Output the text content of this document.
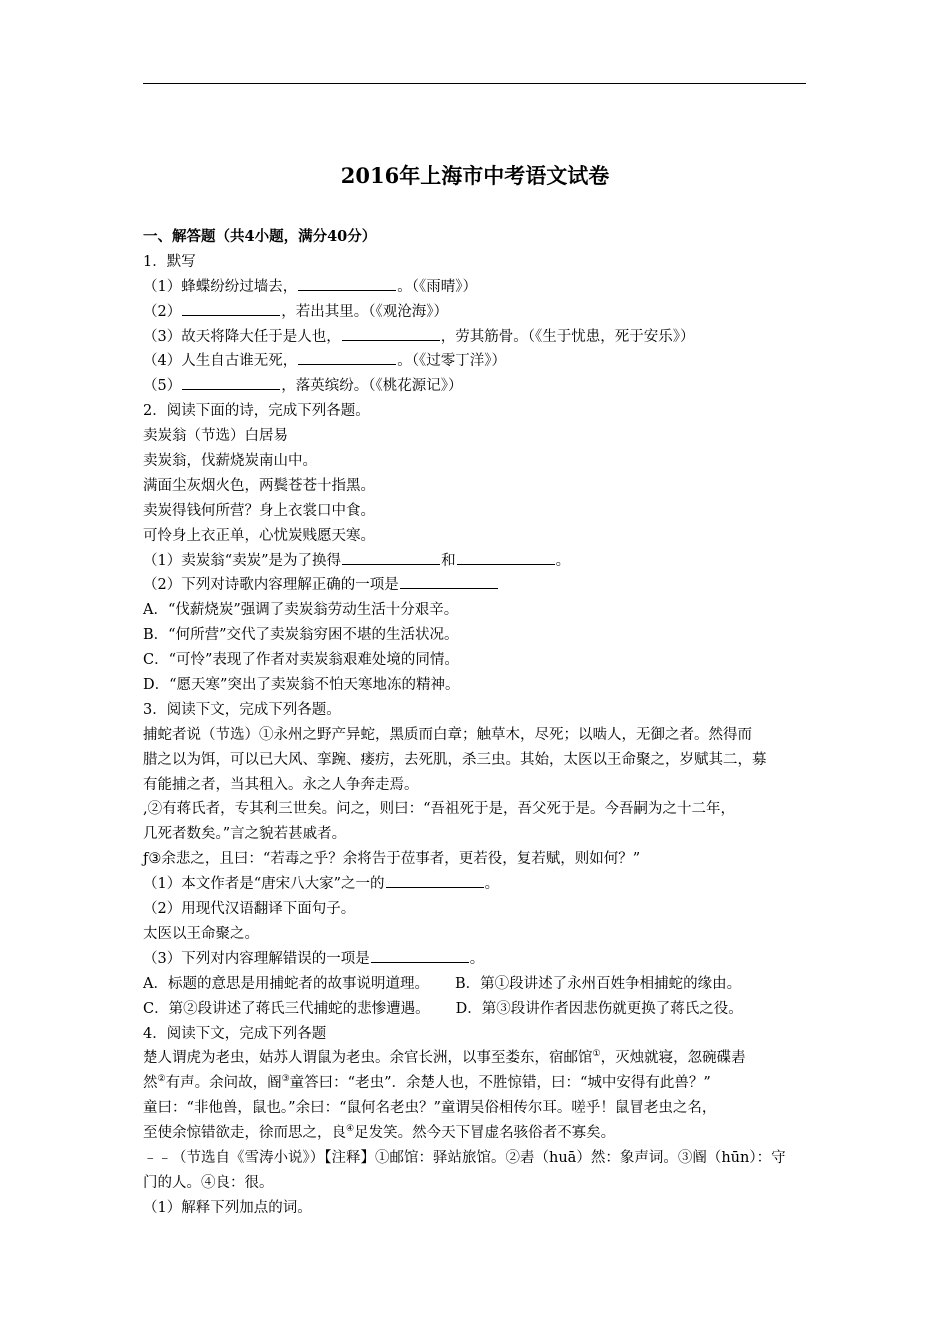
2016年上海市中考语文试卷
一、解答题（共4小题，满分40分）
1．默写
（1）蜂蝶纷纷过墙去，	。（《雨晴》）
（2）	，若出其里。（《观沧海》）
（3）故天将降大任于是人也，	，劳其筋骨。（《生于忧患，死于安乐》）
（4）人生自古谁无死，	。（《过零丁洋》）
（5）	，落英缤纷。（《桃花源记》）
2．阅读下面的诗，完成下列各题。
卖炭翁（节选）白居易
卖炭翁，伐薪烧炭南山中。
满面尘灰烟火色，两鬓苍苍十指黑。
卖炭得钱何所营？身上衣裳口中食。
可怜身上衣正单，心忧炭贱愿天寒。
（1）卖炭翁“卖炭”是为了换得	和	。
（2）下列对诗歌内容理解正确的一项是
A．“伐薪烧炭”强调了卖炭翁劳动生活十分艰辛。
B．“何所营”交代了卖炭翁穷困不堪的生活状况。
C．“可怜”表现了作者对卖炭翁艰难处境的同情。
D．“愿天寒”突出了卖炭翁不怕天寒地冻的精神。
3．阅读下文，完成下列各题。
捕蛇者说（节选）①永州之野产异蛇，黑质而白章；触草木，尽死；以啮人，无御之者。然得而
腊之以为饵，可以已大风、挛踠、瘘疠，去死肌，杀三虫。其始，太医以王命聚之，岁赋其二，募
有能捕之者，当其租入。永之人争奔走焉。
,②有蒋氏者，专其利三世矣。问之，则曰：“吾祖死于是，吾父死于是。今吾嗣为之十二年，
几死者数矣。”言之貌若甚戚者。
ƒ③余悲之，且曰：“若毒之乎？余将告于莅事者，更若役，复若赋，则如何？”
（1）本文作者是“唐宋八大家”之一的	。
（2）用现代汉语翻译下面句子。
太医以王命聚之。
（3）下列对内容理解错误的一项是	。
A．标题的意思是用捕蛇者的故事说明道理。 B．第①段讲述了永州百姓争相捕蛇的缘由。
C．第②段讲述了蒋氏三代捕蛇的悲惨遭遇。 D．第③段讲作者因悲伤就更换了蒋氏之役。
4．阅读下文，完成下列各题
楚人谓虎为老虫，姑苏人谓鼠为老虫。余官长洲，以事至娄东，宿邮馆①，灭烛就寝，忽碗碟砉
然②有声。余问故，阍③童答曰：“老虫”．余楚人也，不胜惊错，曰：“城中安得有此兽？”
童曰：“非他兽，鼠也。”余曰：“鼠何名老虫？”童谓吴俗相传尔耳。嗟乎！鼠冒老虫之名，
至使余惊错欲走，徐而思之，良④足发笑。然今天下冒虚名骇俗者不寡矣。
﹣﹣（节选自《雪涛小说》）【注释】①邮馆：驿站旅馆。②砉（huā）然：象声词。③阍（hūn）：守
门的人。④良：很。
（1）解释下列加点的词。
